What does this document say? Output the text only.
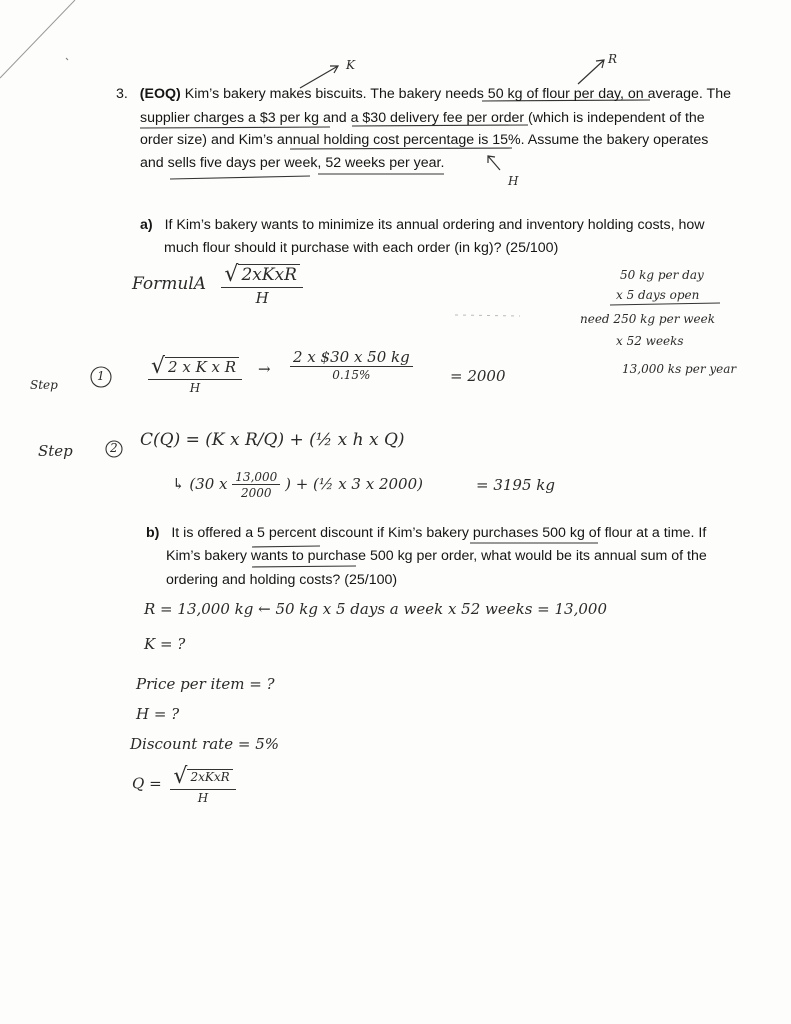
3. (EOQ) Kim’s bakery makes biscuits. The bakery needs 50 kg of flour per day, on average. The
supplier charges a $3 per kg and a $30 delivery fee per order (which is independent of the
order size) and Kim’s annual holding cost percentage is 15%. Assume the bakery operates
and sells five days per week, 52 weeks per year.
K	R
H
a) If Kim’s bakery wants to minimize its annual ordering and inventory holding costs, how
much flour should it purchase with each order (in kg)? (25/100)
FormulA $\frac{\text{√ 2xKxR}}{H}$	50 kg per day
x 5 days open
need 250 kg per week
x 52 weeks
13,000 ks per year
Step
$1 \frac{\text{√ 2 x K x R}}{H} \to \frac{2 x \$30 x 50 kg}{0.15\%} = 2000$
Step	2 C(Q) = (K x R/Q) + (½ x h x Q)
↳ (30 x $\frac{13,000}{2000}$ ) + (½ x 3 x 2000)	= 3195 kg
b) It is offered a 5 percent discount if Kim’s bakery purchases 500 kg of flour at a time. If
Kim’s bakery wants to purchase 500 kg per order, what would be its annual sum of the
ordering and holding costs? (25/100)
R = 13,000 kg ← 50 kg x 5 days a week x 52 weeks = 13,000
K = ?
Price per item = ?
H = ?
Discount rate = 5%
$Q = \frac{\text{√ 2xKxR}}{H}$
